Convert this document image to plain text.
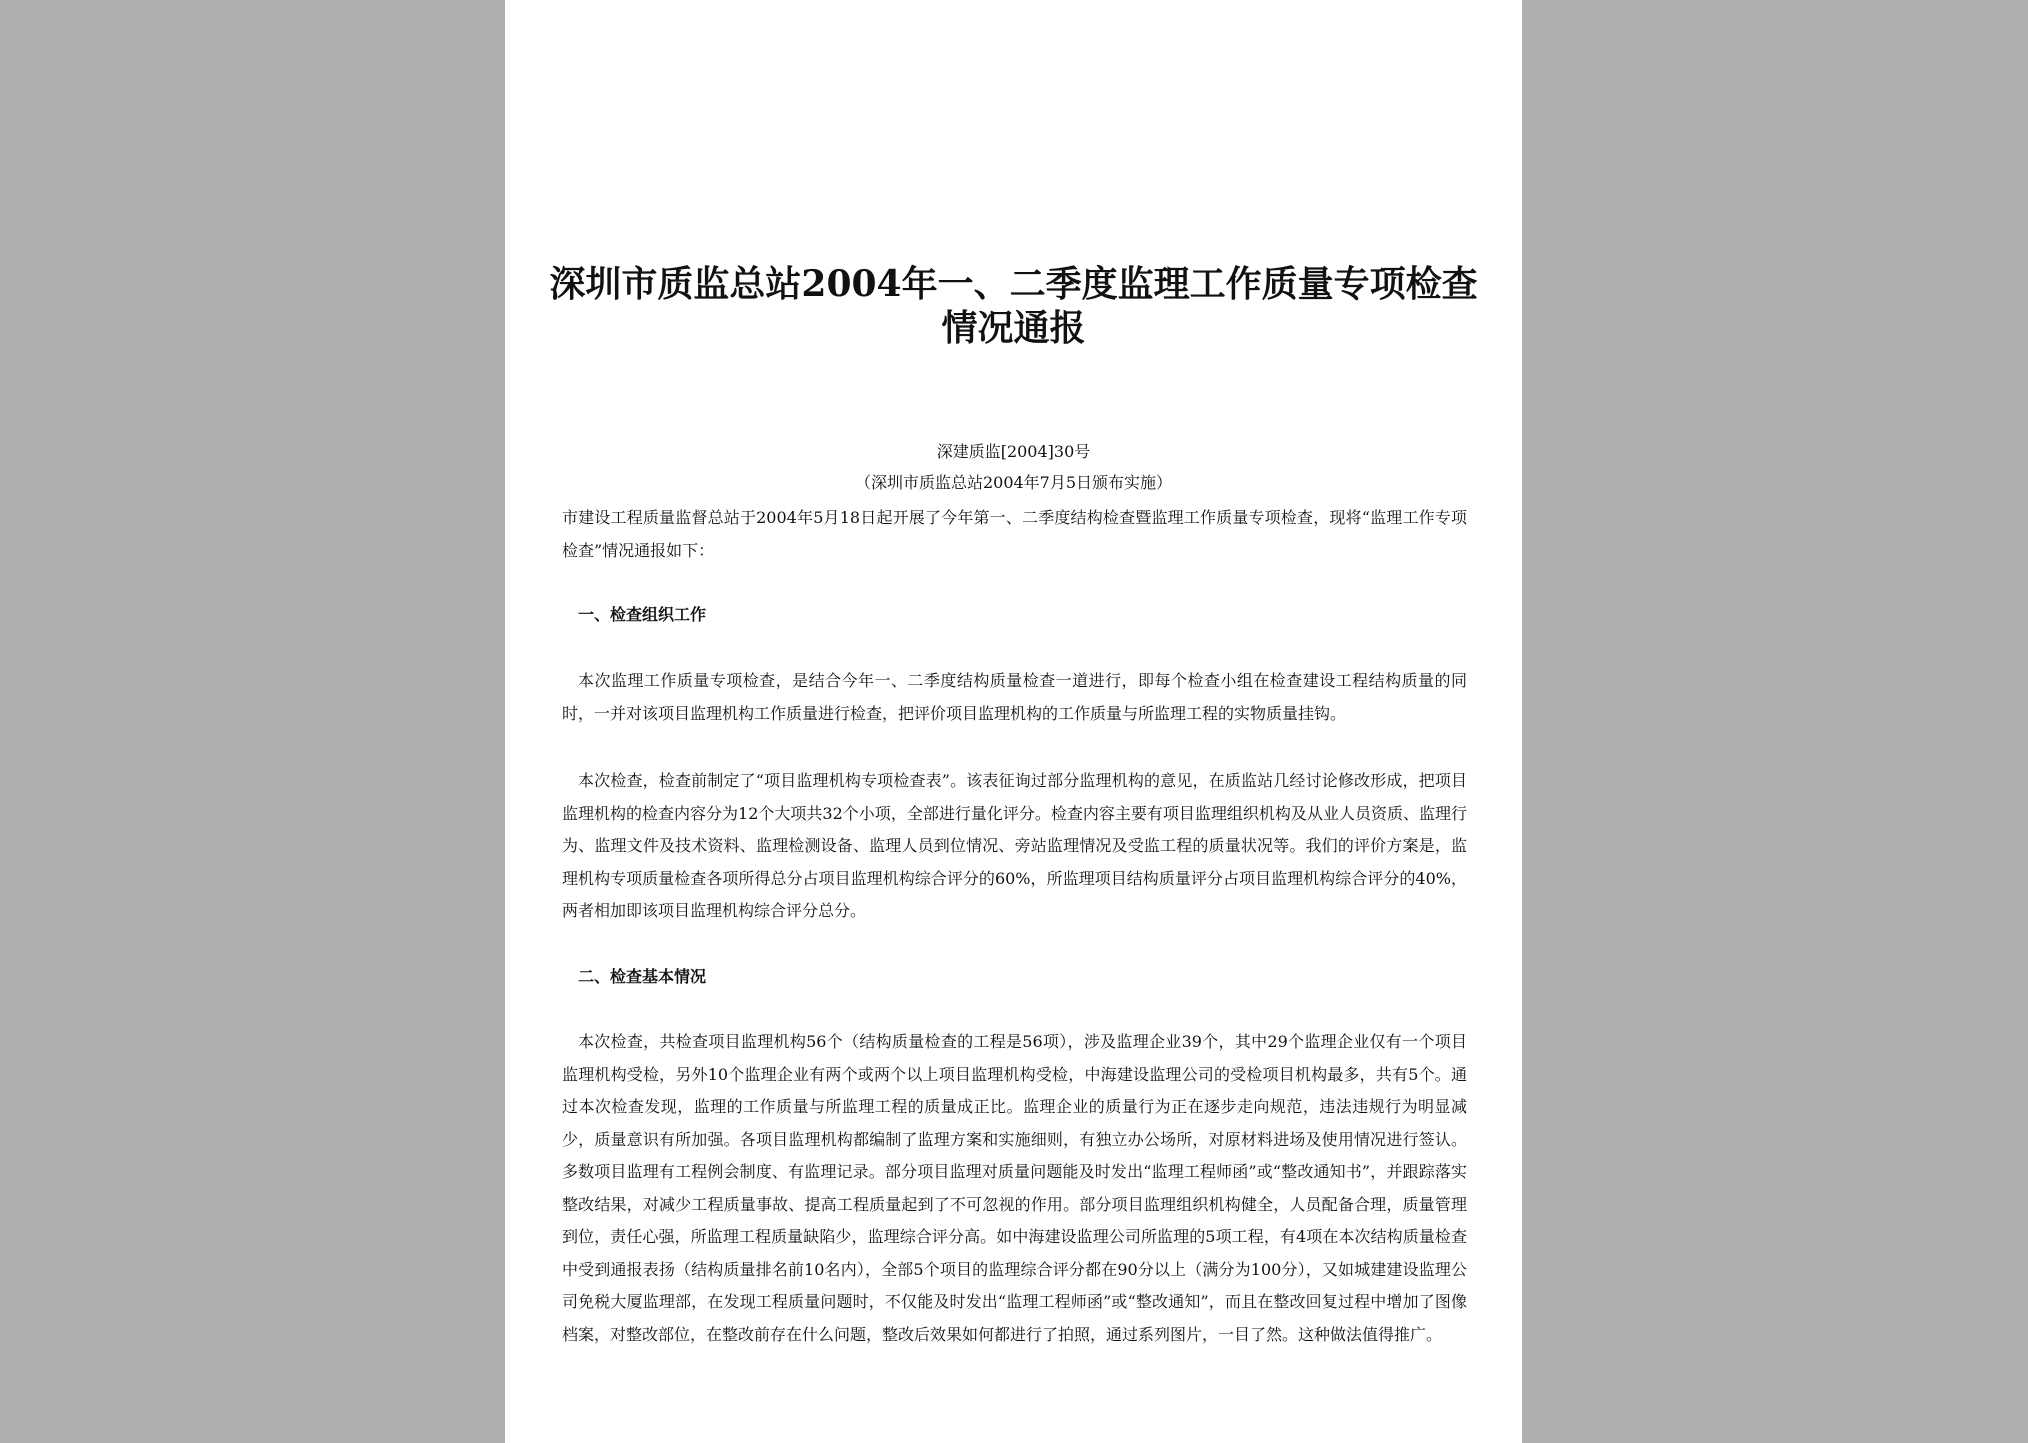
深圳市质监总站2004年一、二季度监理工作质量专项检查情况通报
深建质监[2004]30号
（深圳市质监总站2004年7月5日颁布实施）

市建设工程质量监督总站于2004年5月18日起开展了今年第一、二季度结构检查暨监理工作质量专项检查，现将“监理工作专项检查”情况通报如下：

一、检查组织工作

本次监理工作质量专项检查，是结合今年一、二季度结构质量检查一道进行，即每个检查小组在检查建设工程结构质量的同时，一并对该项目监理机构工作质量进行检查，把评价项目监理机构的工作质量与所监理工程的实物质量挂钩。

本次检查，检查前制定了“项目监理机构专项检查表”。该表征询过部分监理机构的意见，在质监站几经讨论修改形成，把项目监理机构的检查内容分为12个大项共32个小项，全部进行量化评分。检查内容主要有项目监理组织机构及从业人员资质、监理行为、监理文件及技术资料、监理检测设备、监理人员到位情况、旁站监理情况及受监工程的质量状况等。我们的评价方案是，监理机构专项质量检查各项所得总分占项目监理机构综合评分的60%，所监理项目结构质量评分占项目监理机构综合评分的40%，两者相加即该项目监理机构综合评分总分。

二、检查基本情况

本次检查，共检查项目监理机构56个（结构质量检查的工程是56项），涉及监理企业39个，其中29个监理企业仅有一个项目监理机构受检，另外10个监理企业有两个或两个以上项目监理机构受检，中海建设监理公司的受检项目机构最多，共有5个。通过本次检查发现，监理的工作质量与所监理工程的质量成正比。监理企业的质量行为正在逐步走向规范，违法违规行为明显减少，质量意识有所加强。各项目监理机构都编制了监理方案和实施细则，有独立办公场所，对原材料进场及使用情况进行签认。多数项目监理有工程例会制度、有监理记录。部分项目监理对质量问题能及时发出“监理工程师函”或“整改通知书”，并跟踪落实整改结果，对减少工程质量事故、提高工程质量起到了不可忽视的作用。部分项目监理组织机构健全，人员配备合理，质量管理到位，责任心强，所监理工程质量缺陷少，监理综合评分高。如中海建设监理公司所监理的5项工程，有4项在本次结构质量检查中受到通报表扬（结构质量排名前10名内），全部5个项目的监理综合评分都在90分以上（满分为100分），又如城建建设监理公司免税大厦监理部，在发现工程质量问题时，不仅能及时发出“监理工程师函”或“整改通知”，而且在整改回复过程中增加了图像档案，对整改部位，在整改前存在什么问题，整改后效果如何都进行了拍照，通过系列图片，一目了然。这种做法值得推广。
